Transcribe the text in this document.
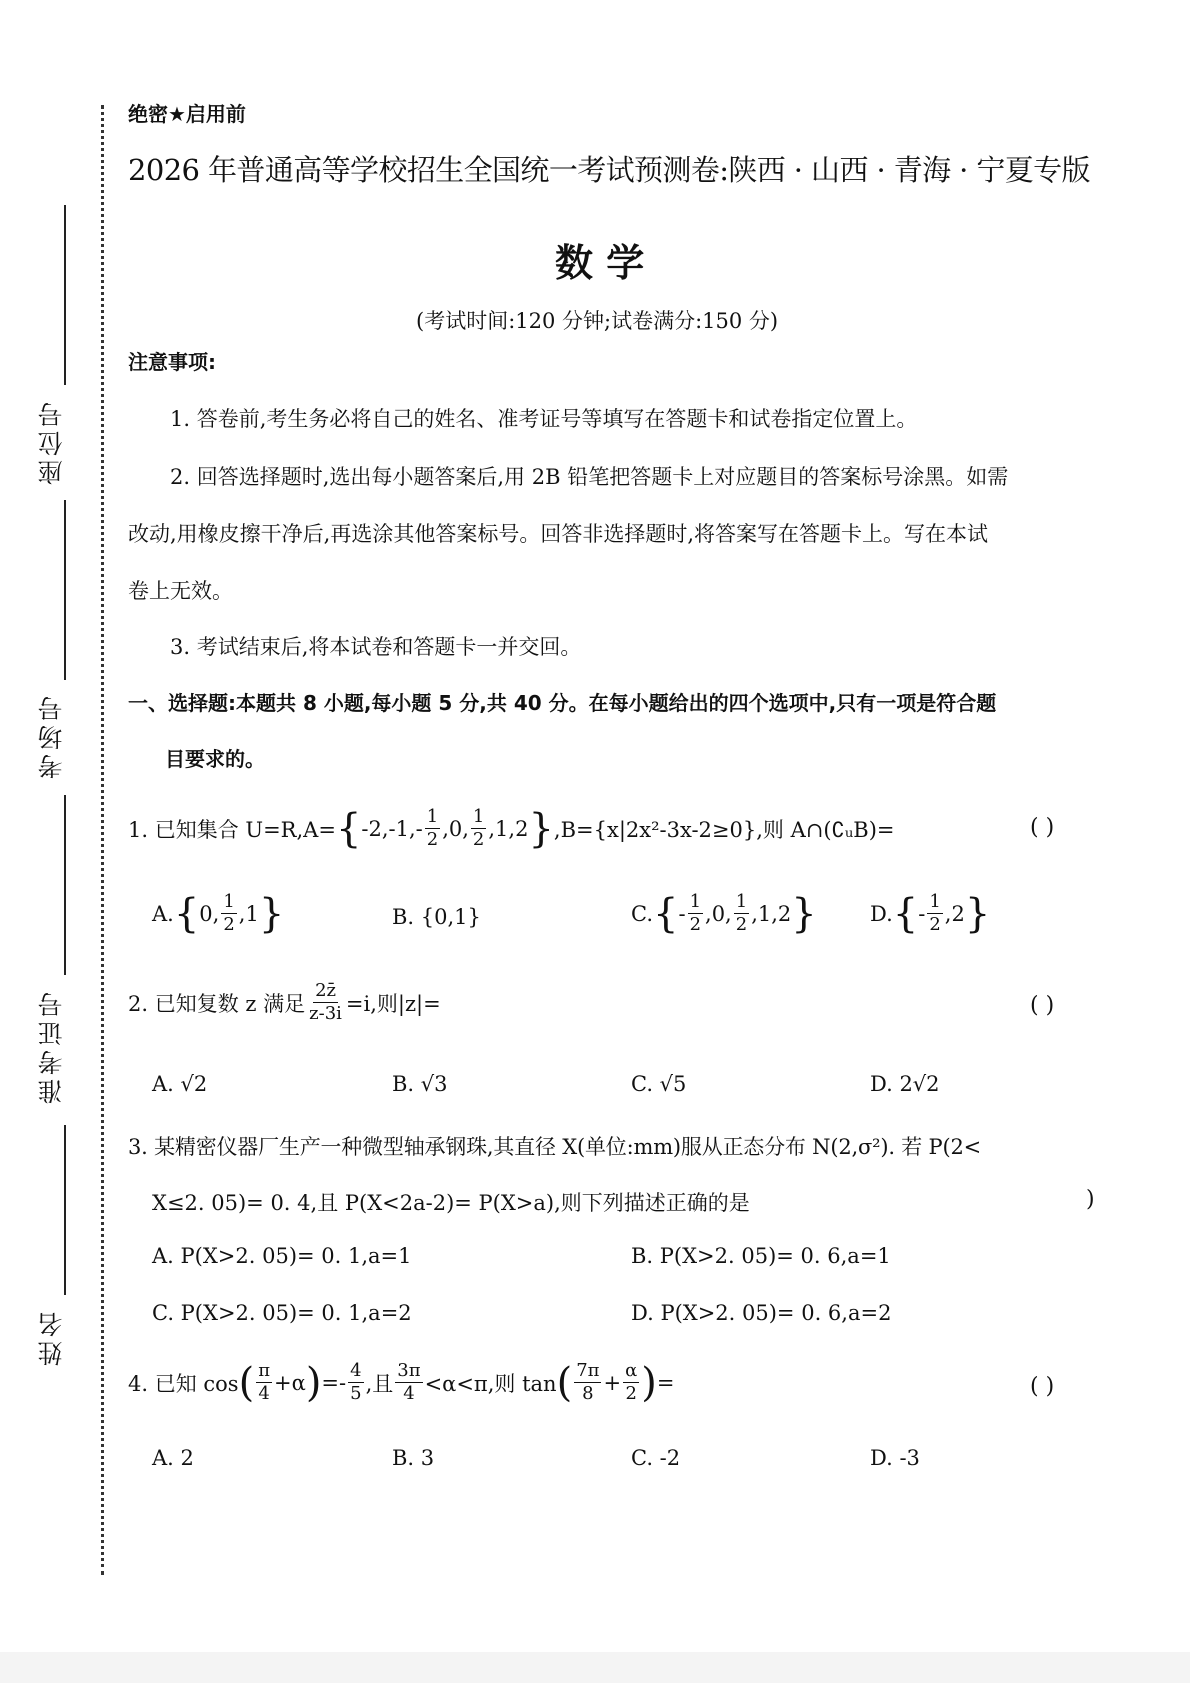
座位号
考场号
准考证号
姓名
绝密★启用前
2026 年普通高等学校招生全国统一考试预测卷:陕西 · 山西 · 青海 · 宁夏专版
数 学
(考试时间:120 分钟;试卷满分:150 分)
注意事项:
1. 答卷前,考生务必将自己的姓名、准考证号等填写在答题卡和试卷指定位置上。
2. 回答选择题时,选出每小题答案后,用 2B 铅笔把答题卡上对应题目的答案标号涂黑。如需
改动,用橡皮擦干净后,再选涂其他答案标号。回答非选择题时,将答案写在答题卡上。写在本试
卷上无效。
3. 考试结束后,将本试卷和答题卡一并交回。
一、选择题:本题共 8 小题,每小题 5 分,共 40 分。在每小题给出的四个选项中,只有一项是符合题
目要求的。
1. 已知集合 U=R,A= { $-2,-1,- \frac{1}{2} ,0$, $\frac{1}{2} ,1,2$ } ,B={x|2x²-3x-2≥0},则 A∩(∁ᵤB)=	( )
A. { 0, $\frac{1}{2} ,1$ }	B. {0,1}	C. { - $\frac{1}{2} ,0$, $\frac{1}{2} ,1,2$ }	D. { - $\frac{1}{2} ,2$ }
2. 已知复数 z 满足 $\frac{2z̄}{z-3i} =i$,则|z|=	( )
A. √2	B. √3	C. √5	D. 2√2
3. 某精密仪器厂生产一种微型轴承钢珠,其直径 X(单位:mm)服从正态分布 N(2,σ²). 若 P(2<
X≤2. 05)= 0. 4,且 P(X<2a-2)= P(X>a),则下列描述正确的是	)
A. P(X>2. 05)= 0. 1,a=1	B. P(X>2. 05)= 0. 6,a=1
C. P(X>2. 05)= 0. 1,a=2	D. P(X>2. 05)= 0. 6,a=2
4. 已知 cos ( $\frac{\pi}{4} +\alpha$ ) =- $\frac{4}{5}$ ,且 $\frac{3\pi}{4} <\alpha<\pi$,则 tan ( $\frac{7\pi}{8} + \frac{\alpha}{2}$ ) =	( )
A. 2	B. 3	C. -2	D. -3
